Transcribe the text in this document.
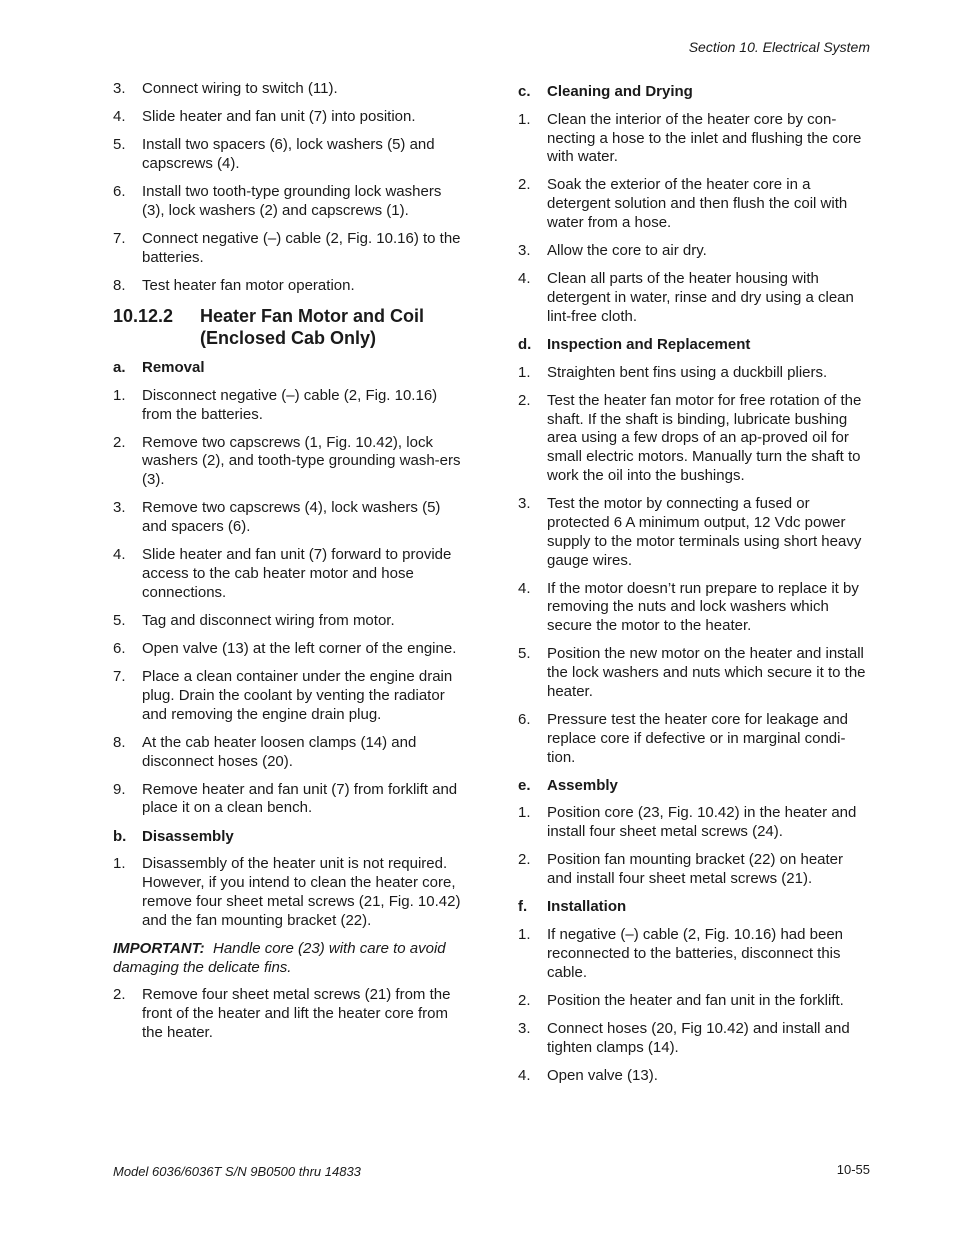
Section 10. Electrical System
3.	Connect wiring to switch (11).
4.	Slide heater and fan unit (7) into position.
5.	Install two spacers (6), lock washers (5) and capscrews (4).
6.	Install two tooth-type grounding lock washers (3), lock washers (2) and capscrews (1).
7.	Connect negative (–) cable (2, Fig. 10.16) to the batteries.
8.	Test heater fan motor operation.
10.12.2	Heater Fan Motor and Coil (Enclosed Cab Only)
a.	Removal
1.	Disconnect negative (–) cable (2, Fig. 10.16) from the batteries.
2.	Remove two capscrews (1, Fig. 10.42), lock washers (2), and tooth-type grounding wash-ers (3).
3.	Remove two capscrews (4), lock washers (5) and spacers (6).
4.	Slide heater and fan unit (7) forward to provide access to the cab heater motor and hose connections.
5.	Tag and disconnect wiring from motor.
6.	Open valve (13) at the left corner of the engine.
7.	Place a clean container under the engine drain plug. Drain the coolant by venting the radiator and removing the engine drain plug.
8.	At the cab heater loosen clamps (14) and disconnect hoses (20).
9.	Remove heater and fan unit (7) from forklift and place it on a clean bench.
b.	Disassembly
1.	Disassembly of the heater unit is not required. However, if you intend to clean the heater core, remove four sheet metal screws (21, Fig. 10.42) and the fan mounting bracket (22).
IMPORTANT: Handle core (23) with care to avoid damaging the delicate fins.
2.	Remove four sheet metal screws (21) from the front of the heater and lift the heater core from the heater.
c.	Cleaning and Drying
1.	Clean the interior of the heater core by con-necting a hose to the inlet and flushing the core with water.
2.	Soak the exterior of the heater core in a detergent solution and then flush the coil with water from a hose.
3.	Allow the core to air dry.
4.	Clean all parts of the heater housing with detergent in water, rinse and dry using a clean lint-free cloth.
d.	Inspection and Replacement
1.	Straighten bent fins using a duckbill pliers.
2.	Test the heater fan motor for free rotation of the shaft. If the shaft is binding, lubricate bushing area using a few drops of an ap-proved oil for small electric motors. Manually turn the shaft to work the oil into the bushings.
3.	Test the motor by connecting a fused or protected 6 A minimum output, 12 Vdc power supply to the motor terminals using short heavy gauge wires.
4.	If the motor doesn’t run prepare to replace it by removing the nuts and lock washers which secure the motor to the heater.
5.	Position the new motor on the heater and install the lock washers and nuts which secure it to the heater.
6.	Pressure test the heater core for leakage and replace core if defective or in marginal condi-tion.
e.	Assembly
1.	Position core (23, Fig. 10.42) in the heater and install four sheet metal screws (24).
2.	Position fan mounting bracket (22) on heater and install four sheet metal screws (21).
f.	Installation
1.	If negative (–) cable (2, Fig. 10.16) had been reconnected to the batteries, disconnect this cable.
2.	Position the heater and fan unit in the forklift.
3.	Connect hoses (20, Fig 10.42) and install and tighten clamps (14).
4.	Open valve (13).
Model 6036/6036T S/N 9B0500 thru 14833	10-55
